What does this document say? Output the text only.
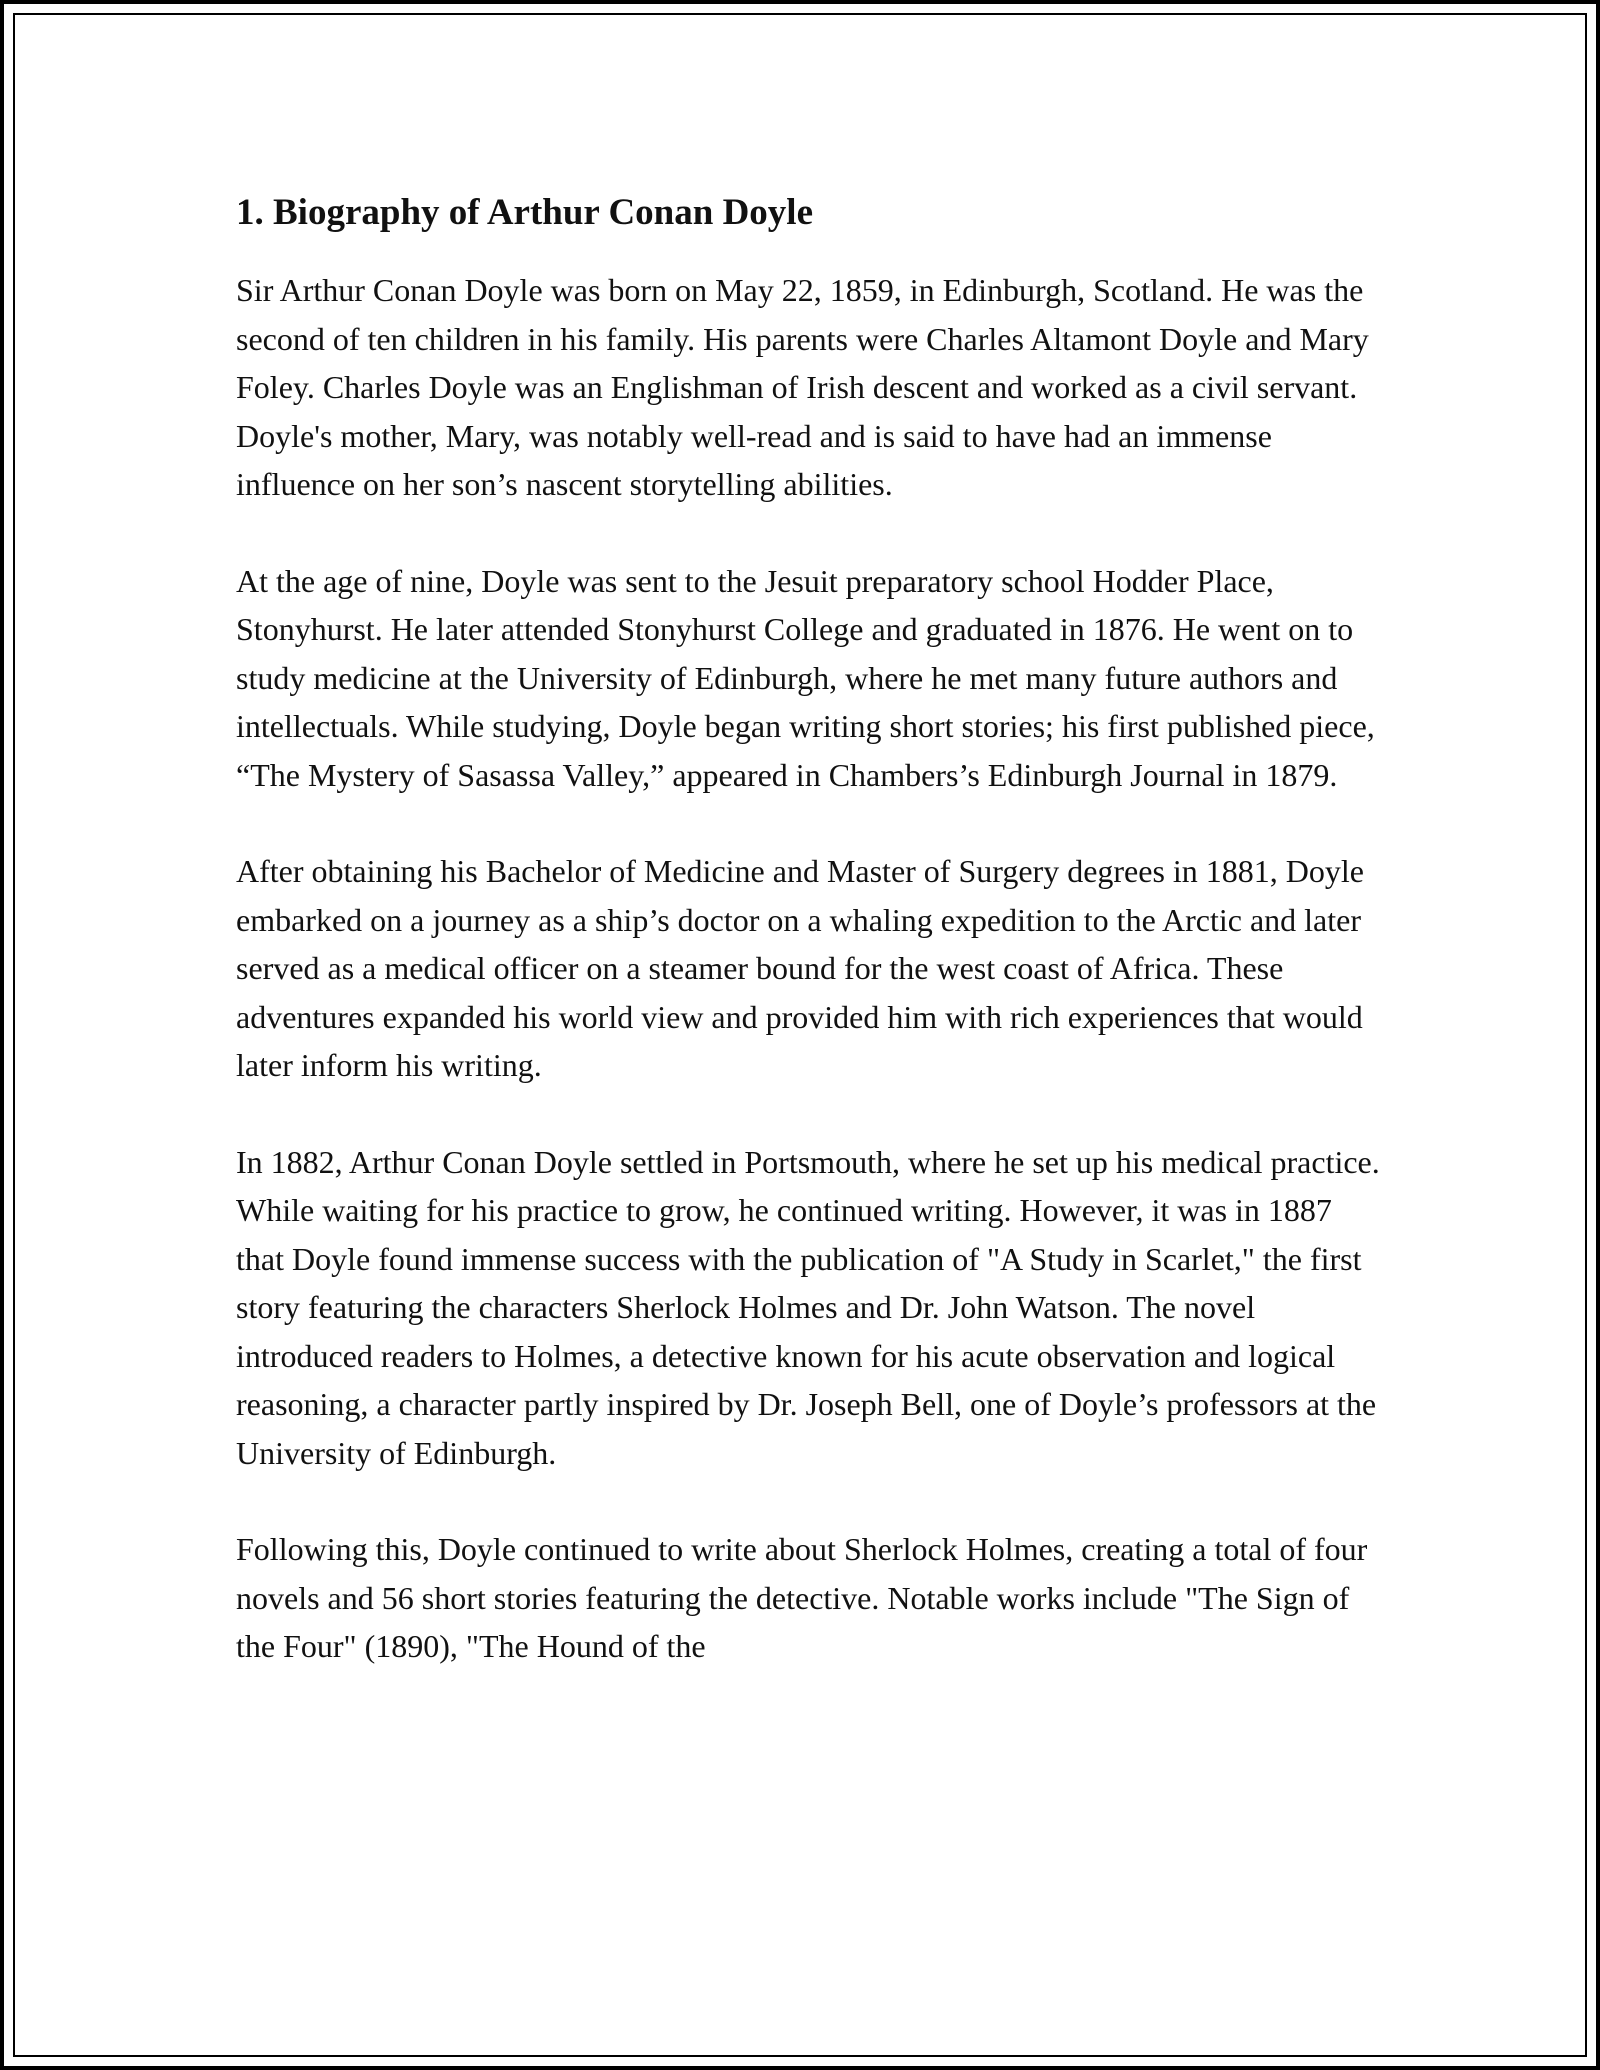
1. Biography of Arthur Conan Doyle

Sir Arthur Conan Doyle was born on May 22, 1859, in Edinburgh, Scotland. He was the second of ten children in his family. His parents were Charles Altamont Doyle and Mary Foley. Charles Doyle was an Englishman of Irish descent and worked as a civil servant. Doyle's mother, Mary, was notably well-read and is said to have had an immense influence on her son’s nascent storytelling abilities.

At the age of nine, Doyle was sent to the Jesuit preparatory school Hodder Place, Stonyhurst. He later attended Stonyhurst College and graduated in 1876. He went on to study medicine at the University of Edinburgh, where he met many future authors and intellectuals. While studying, Doyle began writing short stories; his first published piece, “The Mystery of Sasassa Valley,” appeared in Chambers’s Edinburgh Journal in 1879.

After obtaining his Bachelor of Medicine and Master of Surgery degrees in 1881, Doyle embarked on a journey as a ship’s doctor on a whaling expedition to the Arctic and later served as a medical officer on a steamer bound for the west coast of Africa. These adventures expanded his world view and provided him with rich experiences that would later inform his writing.

In 1882, Arthur Conan Doyle settled in Portsmouth, where he set up his medical practice. While waiting for his practice to grow, he continued writing. However, it was in 1887 that Doyle found immense success with the publication of "A Study in Scarlet," the first story featuring the characters Sherlock Holmes and Dr. John Watson. The novel introduced readers to Holmes, a detective known for his acute observation and logical reasoning, a character partly inspired by Dr. Joseph Bell, one of Doyle’s professors at the University of Edinburgh.

Following this, Doyle continued to write about Sherlock Holmes, creating a total of four novels and 56 short stories featuring the detective. Notable works include "The Sign of the Four" (1890), "The Hound of the
